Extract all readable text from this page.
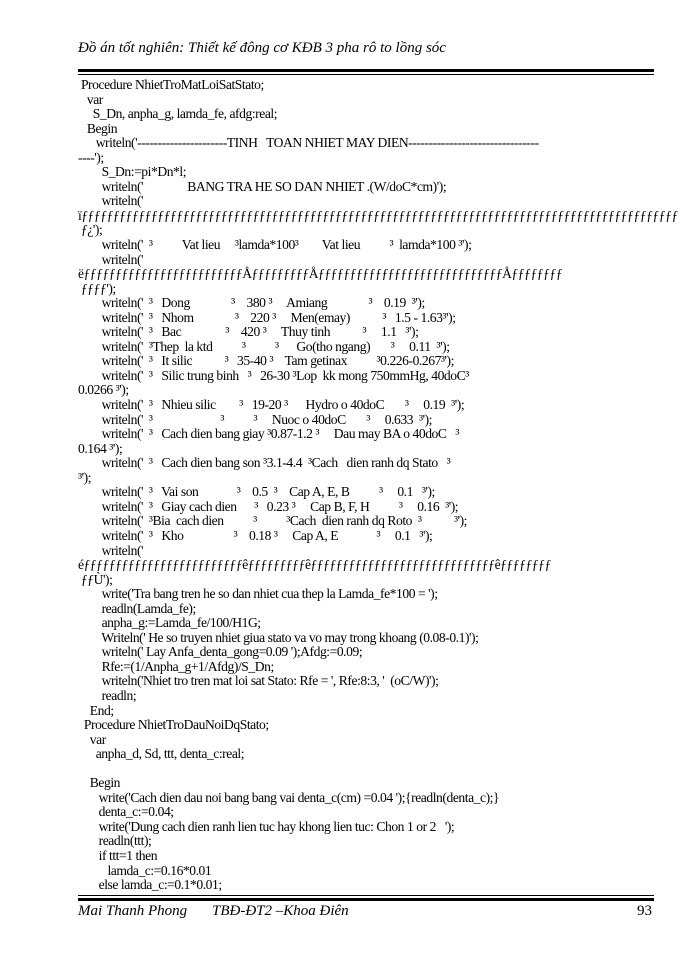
Đồ án tốt nghiên: Thiết kế đông cơ KĐB 3 pha rô to lồng sóc
Procedure NhietTroMatLoiSatStato;
var
S_Dn, anpha_g, lamda_fe, afdg:real;
Begin
writeln('----------------------TINH   TOAN NHIET MAY DIEN--------------------------------
----');
S_Dn:=pi*Dn*l;
writeln('               BANG TRA HE SO DAN NHIET .(W/doC*cm)');
writeln('
ïƒƒƒƒƒƒƒƒƒƒƒƒƒƒƒƒƒƒƒƒƒƒƒƒƒƒƒƒƒƒƒƒƒƒƒƒƒƒƒƒƒƒƒƒƒƒƒƒƒƒƒƒƒƒƒƒƒƒƒƒƒƒƒƒƒƒƒƒƒƒƒƒƒƒƒƒƒƒƒƒƒƒƒƒƒƒƒƒƒƒƒƒƒƒ
ƒ¿');
writeln('  ³          Vat lieu     ³lamda*100³        Vat lieu          ³  lamda*100 ³');
writeln('
ëƒƒƒƒƒƒƒƒƒƒƒƒƒƒƒƒƒƒƒƒƒƒƒƒƒÅƒƒƒƒƒƒƒƒƒÅƒƒƒƒƒƒƒƒƒƒƒƒƒƒƒƒƒƒƒƒƒƒƒƒƒƒƒƒƒÅƒƒƒƒƒƒƒƒ
ƒƒƒƒ');
writeln('  ³   Dong              ³    380 ³     Amiang              ³    0.19  ³');
writeln('  ³   Nhom              ³    220 ³     Men(emay)           ³   1.5 - 1.63³');
writeln('  ³   Bac               ³    420 ³     Thuy tinh           ³     1.1   ³');
writeln('  ³Thep  la ktd          ³          ³      Go(tho ngang)       ³     0.11  ³');
writeln('  ³   It silic           ³   35-40 ³    Tam getinax          ³0.226-0.267³');
writeln('  ³   Silic trung binh   ³   26-30 ³Lop  kk mong 750mmHg, 40doC³
0.0266 ³');
writeln('  ³   Nhieu silic        ³   19-20 ³      Hydro o 40doC       ³     0.19  ³');
writeln('  ³                       ³          ³     Nuoc o 40doC       ³     0.633  ³');
writeln('  ³   Cach dien bang giay ³0.87-1.2 ³     Dau may BA o 40doC   ³
0.164 ³');
writeln('  ³   Cach dien bang son ³3.1-4.4  ³Cach   dien ranh dq Stato   ³
³');
writeln('  ³   Vai son             ³    0.5  ³    Cap A, E, B          ³     0.1   ³');
writeln('  ³   Giay cach dien      ³   0.23 ³     Cap B, F, H          ³     0.16  ³');
writeln('  ³Bia  cach dien          ³          ³Cach  dien ranh dq Roto  ³           ³');
writeln('  ³   Kho                 ³    0.18 ³     Cap A, E             ³     0.1   ³');
writeln('
éƒƒƒƒƒƒƒƒƒƒƒƒƒƒƒƒƒƒƒƒƒƒƒƒƒêƒƒƒƒƒƒƒƒƒêƒƒƒƒƒƒƒƒƒƒƒƒƒƒƒƒƒƒƒƒƒƒƒƒƒƒƒƒƒêƒƒƒƒƒƒƒƒ
ƒƒÙ');
write('Tra bang tren he so dan nhiet cua thep la Lamda_fe*100 = ');
readln(Lamda_fe);
anpha_g:=Lamda_fe/100/H1G;
Writeln(' He so truyen nhiet giua stato va vo may trong khoang (0.08-0.1)');
writeln(' Lay Anfa_denta_gong=0.09 ');Afdg:=0.09;
Rfe:=(1/Anpha_g+1/Afdg)/S_Dn;
writeln('Nhiet tro tren mat loi sat Stato: Rfe = ', Rfe:8:3, '  (oC/W)');
readln;
End;
Procedure NhietTroDauNoiDqStato;
var
anpha_d, Sd, ttt, denta_c:real;
Begin
write('Cach dien dau noi bang bang vai denta_c(cm) =0.04 ');{readln(denta_c);}
denta_c:=0.04;
write('Dung cach dien ranh lien tuc hay khong lien tuc: Chon 1 or 2   ');
readln(ttt);
if ttt=1 then
lamda_c:=0.16*0.01
else lamda_c:=0.1*0.01;
Mai Thanh Phong TBĐ-ĐT2 –Khoa Điên	93
